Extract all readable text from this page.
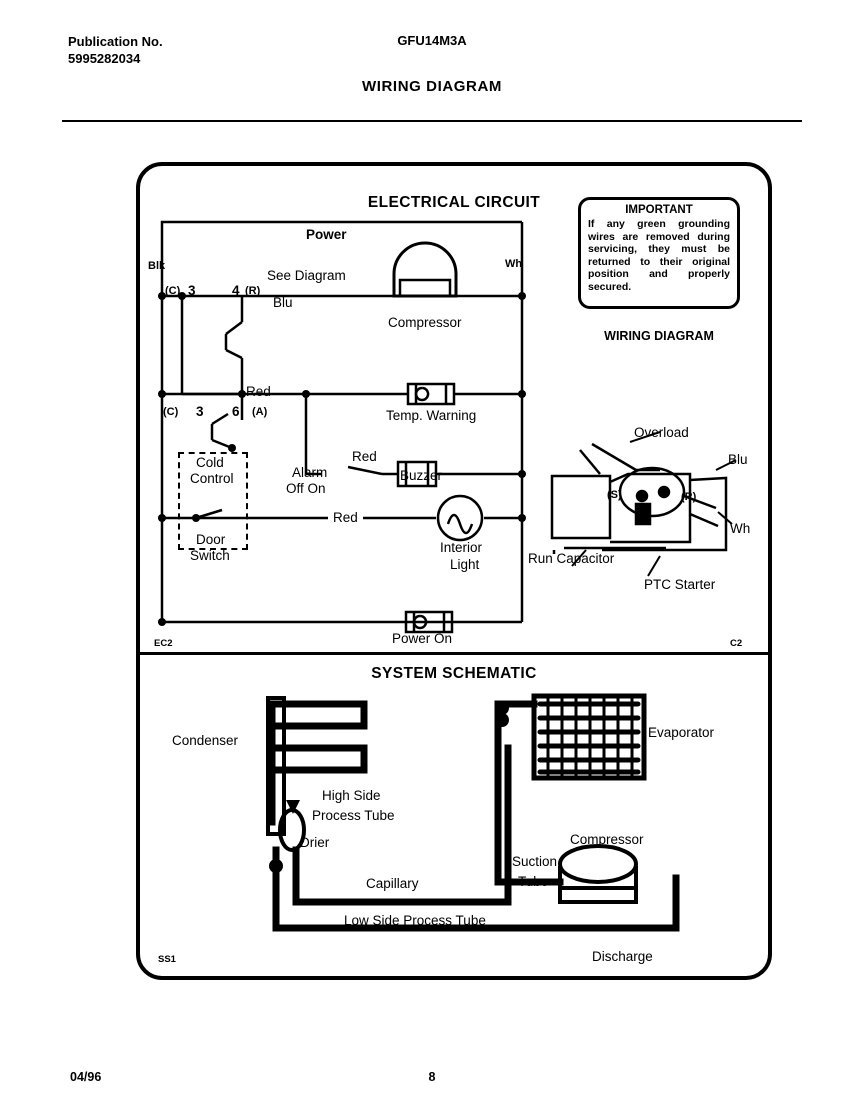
Publication No.
5995282034
GFU14M3A
WIRING DIAGRAM
ELECTRICAL CIRCUIT
SYSTEM SCHEMATIC
IMPORTANT
If any green grounding wires are removed during servicing, they must be returned to their original position and properly secured.
WIRING DIAGRAM
Power
Blk	Wh
See Diagram
Blu
Compressor
(C) 3	4 (R)
(C) 3 6 (A)
Red
Temp. Warning
Cold
Control	Alarm
Off On
Red
Buzzer
Door
Switch
Red
Interior
Light
Power On
EC2	C2
Overload
Blu
Wh
(S)	(R)
Run Capacitor
PTC Starter
Condenser
Evaporator
High Side
Process Tube
Drier
Capillary
Low Side Process Tube
Suction
Tube
Compressor
Discharge
SS1
04/96	8
